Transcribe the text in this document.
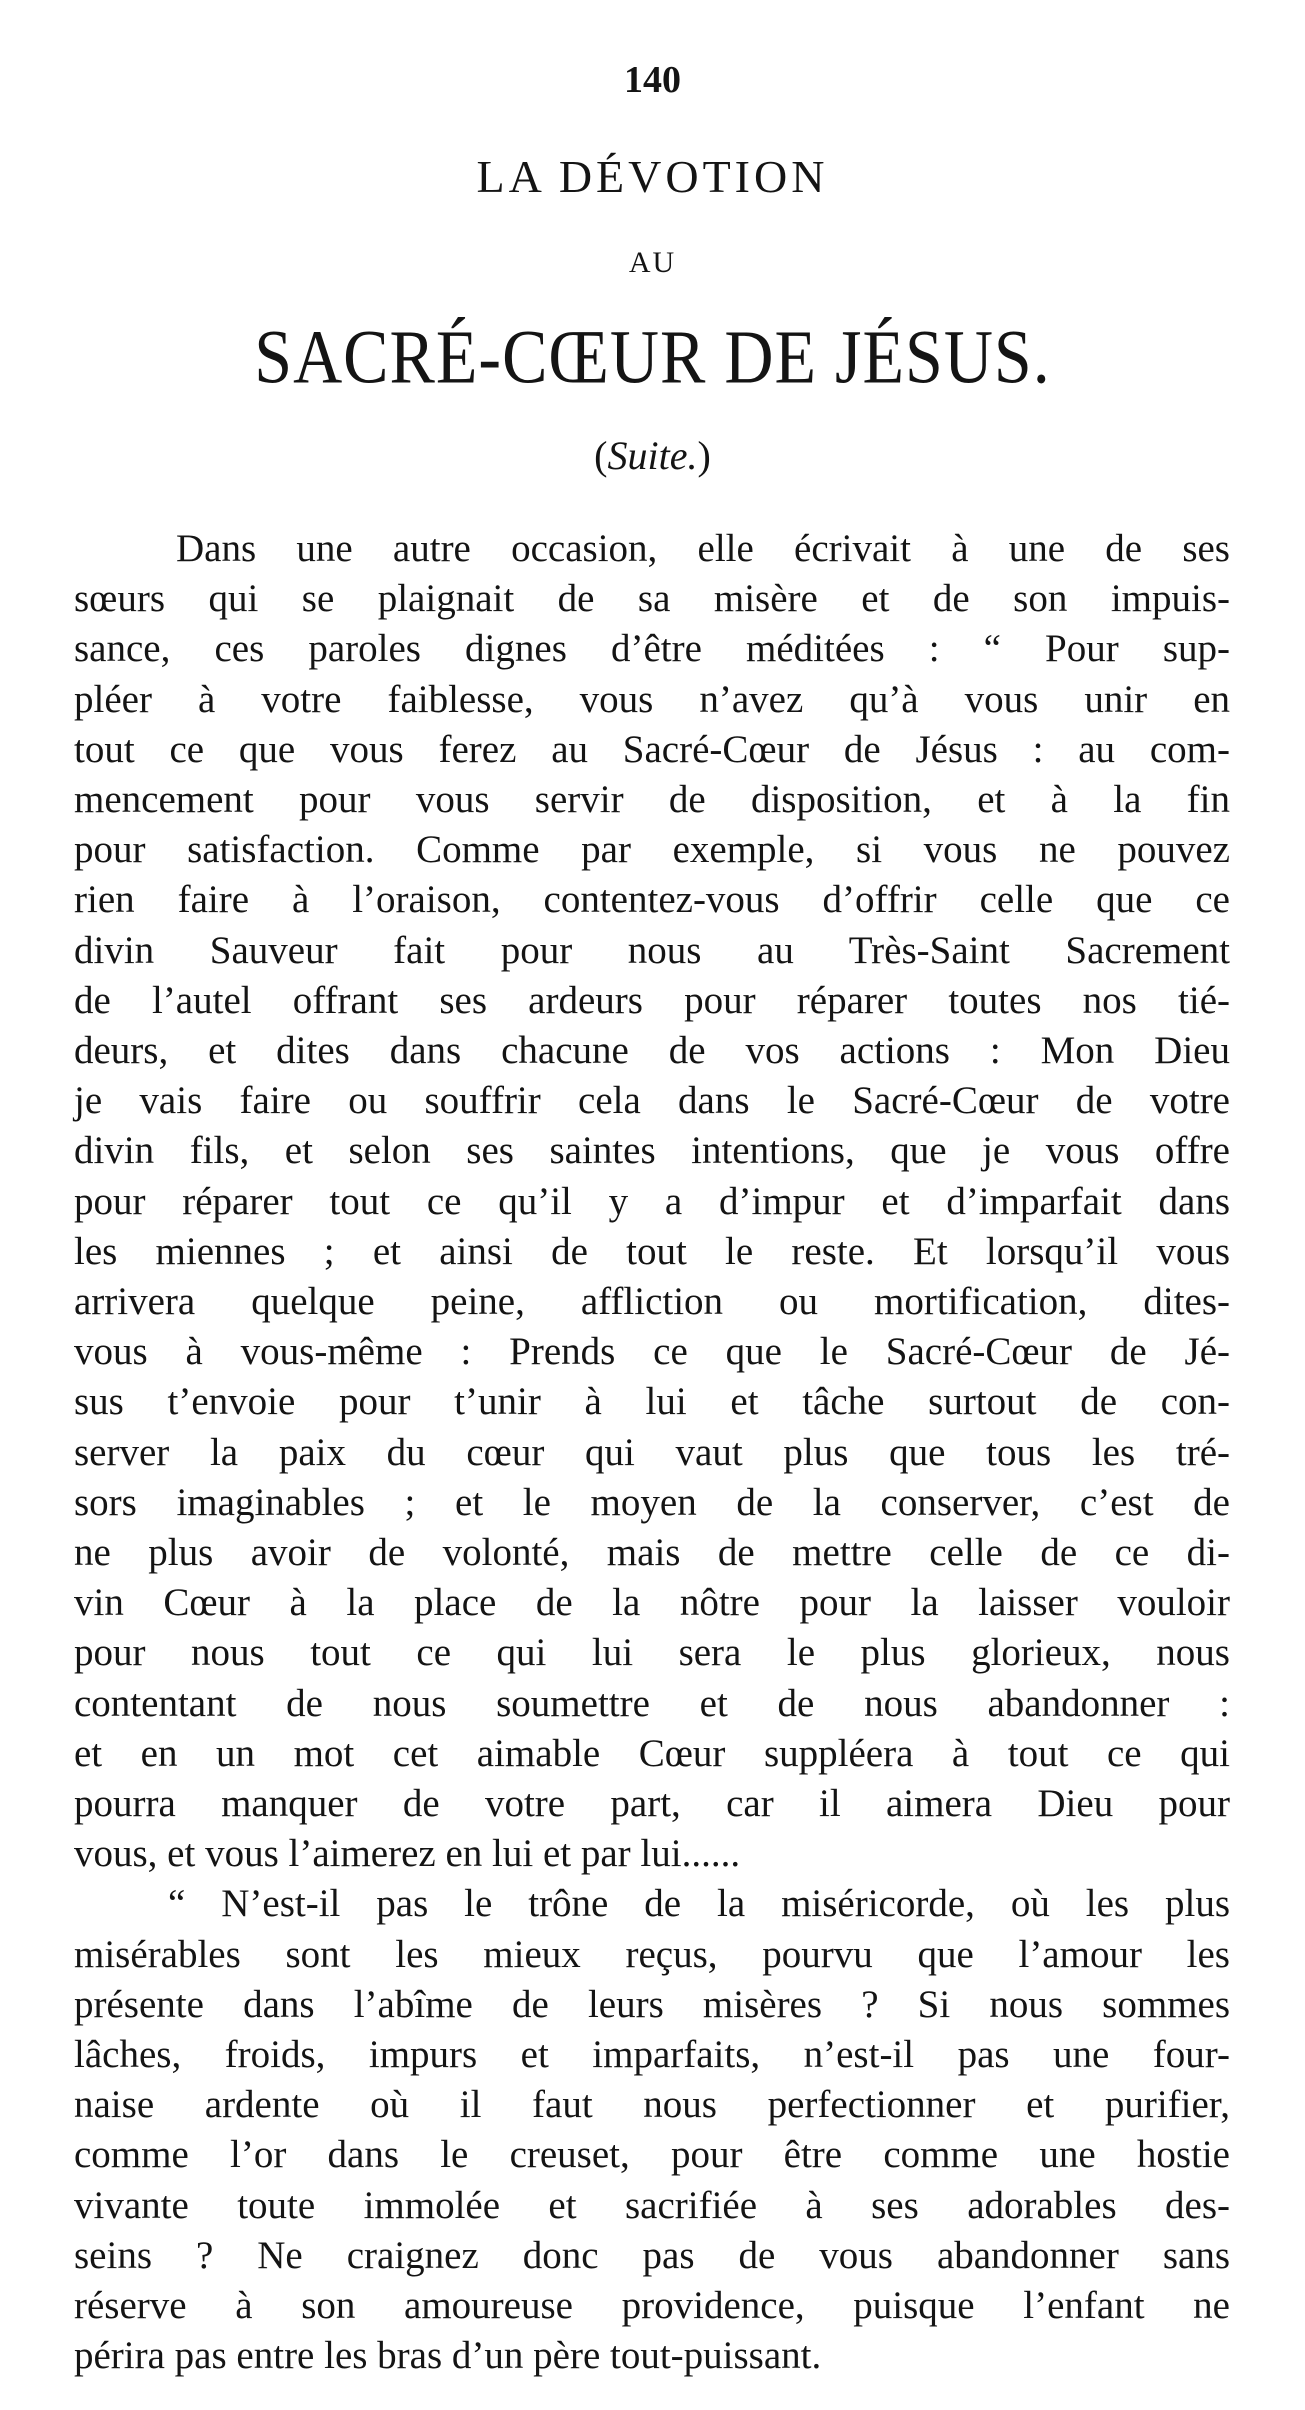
140
LA DÉVOTION
AU
SACRÉ-CŒUR DE JÉSUS.
(Suite.)
Dans une autre occasion, elle écrivait à une de ses
sœurs qui se plaignait de sa misère et de son impuis-
sance, ces paroles dignes d’être méditées : “ Pour sup-
pléer à votre faiblesse, vous n’avez qu’à vous unir en
tout ce que vous ferez au Sacré-Cœur de Jésus : au com-
mencement pour vous servir de disposition, et à la fin
pour satisfaction. Comme par exemple, si vous ne pouvez
rien faire à l’oraison, contentez-vous d’offrir celle que ce
divin Sauveur fait pour nous au Très-Saint Sacrement
de l’autel offrant ses ardeurs pour réparer toutes nos tié-
deurs, et dites dans chacune de vos actions : Mon Dieu
je vais faire ou souffrir cela dans le Sacré-Cœur de votre
divin fils, et selon ses saintes intentions, que je vous offre
pour réparer tout ce qu’il y a d’impur et d’imparfait dans
les miennes ; et ainsi de tout le reste. Et lorsqu’il vous
arrivera quelque peine, affliction ou mortification, dites-
vous à vous-même : Prends ce que le Sacré-Cœur de Jé-
sus t’envoie pour t’unir à lui et tâche surtout de con-
server la paix du cœur qui vaut plus que tous les tré-
sors imaginables ; et le moyen de la conserver, c’est de
ne plus avoir de volonté, mais de mettre celle de ce di-
vin Cœur à la place de la nôtre pour la laisser vouloir
pour nous tout ce qui lui sera le plus glorieux, nous
contentant de nous soumettre et de nous abandonner :
et en un mot cet aimable Cœur suppléera à tout ce qui
pourra manquer de votre part, car il aimera Dieu pour
vous, et vous l’aimerez en lui et par lui......
“ N’est-il pas le trône de la miséricorde, où les plus
misérables sont les mieux reçus, pourvu que l’amour les
présente dans l’abîme de leurs misères ? Si nous sommes
lâches, froids, impurs et imparfaits, n’est-il pas une four-
naise ardente où il faut nous perfectionner et purifier,
comme l’or dans le creuset, pour être comme une hostie
vivante toute immolée et sacrifiée à ses adorables des-
seins ? Ne craignez donc pas de vous abandonner sans
réserve à son amoureuse providence, puisque l’enfant ne
périra pas entre les bras d’un père tout-puissant.
